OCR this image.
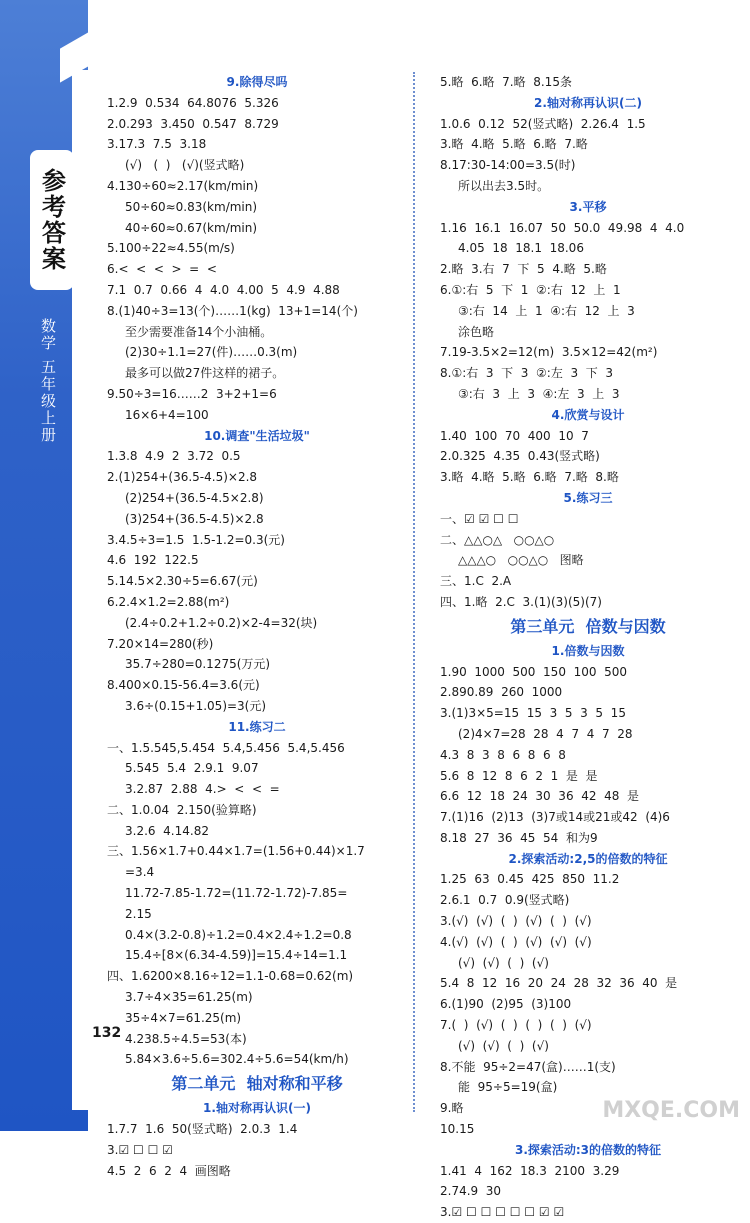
参考答案
数学 五年级上册
132
9.除得尽吗
1.2.9  0.534  64.8076  5.326
2.0.293  3.450  0.547  8.729
3.17.3  7.5  3.18
(√)   (  )   (√)(竖式略)
4.130÷60≈2.17(km/min)
50÷60≈0.83(km/min)
40÷60≈0.67(km/min)
5.100÷22≈4.55(m/s)
6.<  <  <  >  =  <
7.1  0.7  0.66  4  4.0  4.00  5  4.9  4.88
8.(1)40÷3=13(个)……1(kg)  13+1=14(个)
至少需要准备14个小油桶。
(2)30÷1.1=27(件)……0.3(m)
最多可以做27件这样的裙子。
9.50÷3=16……2  3+2+1=6
16×6+4=100
10.调查"生活垃圾"
1.3.8  4.9  2  3.72  0.5
2.(1)254+(36.5-4.5)×2.8
(2)254+(36.5-4.5×2.8)
(3)254+(36.5-4.5)×2.8
3.4.5÷3=1.5  1.5-1.2=0.3(元)
4.6  192  122.5
5.14.5×2.30÷5=6.67(元)
6.2.4×1.2=2.88(m²)
(2.4÷0.2+1.2÷0.2)×2-4=32(块)
7.20×14=280(秒)
35.7÷280=0.1275(万元)
8.400×0.15-56.4=3.6(元)
3.6÷(0.15+1.05)=3(元)
11.练习二
一、1.5.545,5.454  5.4,5.456  5.4,5.456
5.545  5.4  2.9.1  9.07
3.2.87  2.88  4.>  <  <  =
二、1.0.04  2.150(验算略)
3.2.6  4.14.82
三、1.56×1.7+0.44×1.7=(1.56+0.44)×1.7
=3.4
11.72-7.85-1.72=(11.72-1.72)-7.85=
2.15
0.4×(3.2-0.8)÷1.2=0.4×2.4÷1.2=0.8
15.4÷[8×(6.34-4.59)]=15.4÷14=1.1
四、1.6200×8.16÷12=1.1-0.68=0.62(m)
3.7÷4×35=61.25(m)
35÷4×7=61.25(m)
4.238.5÷4.5=53(本)
5.84×3.6÷5.6=302.4÷5.6=54(km/h)
第二单元  轴对称和平移
1.轴对称再认识(一)
1.7.7  1.6  50(竖式略)  2.0.3  1.4
3.☑ ☐ ☐ ☑
4.5  2  6  2  4  画图略
5.略  6.略  7.略  8.15条
2.轴对称再认识(二)
1.0.6  0.12  52(竖式略)  2.26.4  1.5
3.略  4.略  5.略  6.略  7.略
8.17:30-14:00=3.5(时)
所以出去3.5时。
3.平移
1.16  16.1  16.07  50  50.0  49.98  4  4.0
4.05  18  18.1  18.06
2.略  3.右  7  下  5  4.略  5.略
6.①:右  5  下  1  ②:右  12  上  1
③:右  14  上  1  ④:右  12  上  3
涂色略
7.19-3.5×2=12(m)  3.5×12=42(m²)
8.①:右  3  下  3  ②:左  3  下  3
③:右  3  上  3  ④:左  3  上  3
4.欣赏与设计
1.40  100  70  400  10  7
2.0.325  4.35  0.43(竖式略)
3.略  4.略  5.略  6.略  7.略  8.略
5.练习三
一、☑ ☑ ☐ ☐
二、△△○△   ○○△○
△△△○   ○○△○   图略
三、1.C  2.A
四、1.略  2.C  3.(1)(3)(5)(7)
第三单元  倍数与因数
1.倍数与因数
1.90  1000  500  150  100  500
2.890.89  260  1000
3.(1)3×5=15  15  3  5  3  5  15
(2)4×7=28  28  4  7  4  7  28
4.3  8  3  8  6  8  6  8
5.6  8  12  8  6  2  1  是  是
6.6  12  18  24  30  36  42  48  是
7.(1)16  (2)13  (3)7或14或21或42  (4)6
8.18  27  36  45  54  和为9
2.探索活动:2,5的倍数的特征
1.25  63  0.45  425  850  11.2
2.6.1  0.7  0.9(竖式略)
3.(√)  (√)  (  )  (√)  (  )  (√)
4.(√)  (√)  (  )  (√)  (√)  (√)
(√)  (√)  (  )  (√)
5.4  8  12  16  20  24  28  32  36  40  是
6.(1)90  (2)95  (3)100
7.(  )  (√)  (  )  (  )  (  )  (√)
(√)  (√)  (  )  (√)
8.不能  95÷2=47(盒)……1(支)
能  95÷5=19(盒)
9.略
10.15
3.探索活动:3的倍数的特征
1.41  4  162  18.3  2100  3.29
2.74.9  30
3.☑ ☐ ☐ ☐ ☐ ☐ ☑ ☑
MXQE.COM
